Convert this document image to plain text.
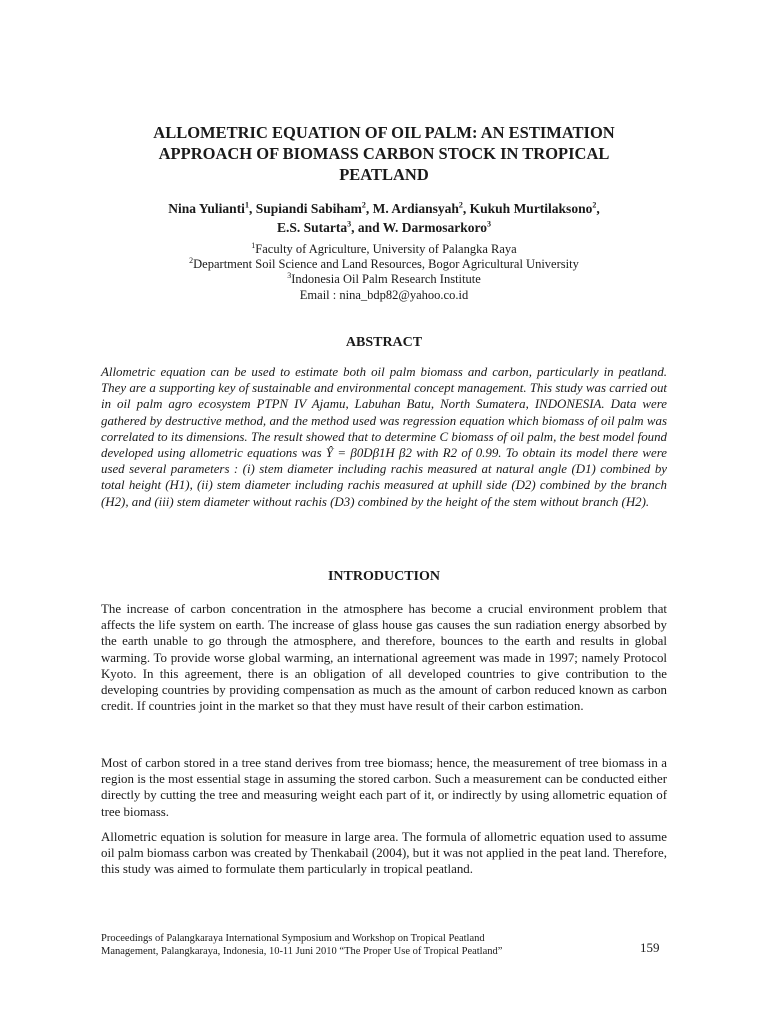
ALLOMETRIC EQUATION OF OIL PALM: AN ESTIMATION
APPROACH OF BIOMASS CARBON STOCK IN TROPICAL
PEATLAND
Nina Yulianti$^1$, Supiandi Sabiham$^2$, M. Ardiansyah$^2$, Kukuh Murtilaksono$^2$,
E.S. Sutarta$^3$, and W. Darmosarkoro$^3$
$^1$Faculty of Agriculture, University of Palangka Raya
$^2$Department Soil Science and Land Resources, Bogor Agricultural University
$^3$Indonesia Oil Palm Research Institute
Email : nina_bdp82@yahoo.co.id
ABSTRACT
Allometric equation can be used to estimate both oil palm biomass and carbon, particularly in peatland. They are a supporting key of sustainable and environmental concept management. This study was carried out in oil palm agro ecosystem PTPN IV Ajamu, Labuhan Batu, North Sumatera, INDONESIA. Data were gathered by destructive method, and the method used was regression equation which biomass of oil palm was correlated to its dimensions. The result showed that to determine C biomass of oil palm, the best model found developed using allometric equations was Ŷ = β0Dβ1H β2 with R2 of 0.99. To obtain its model there were used several parameters : (i) stem diameter including rachis measured at natural angle (D1) combined by total height (H1), (ii) stem diameter including rachis measured at uphill side (D2) combined by the branch (H2), and (iii) stem diameter without rachis (D3) combined by the height of the stem without branch (H2).
INTRODUCTION

The increase of carbon concentration in the atmosphere has become a crucial environment problem that affects the life system on earth. The increase of glass house gas causes the sun radiation energy absorbed by the earth unable to go through the atmosphere, and therefore, bounces to the earth and results in global warming. To provide worse global warming, an international agreement was made in 1997; namely Protocol Kyoto. In this agreement, there is an obligation of all developed countries to give contribution to the developing countries by providing compensation as much as the amount of carbon reduced known as carbon credit. If countries joint in the market so that they must have result of their carbon estimation.

Most of carbon stored in a tree stand derives from tree biomass; hence, the measurement of tree biomass in a region is the most essential stage in assuming the stored carbon. Such a measurement can be conducted either directly by cutting the tree and measuring weight each part of it, or indirectly by using allometric equation of tree biomass.

Allometric equation is solution for measure in large area. The formula of allometric equation used to assume oil palm biomass carbon was created by Thenkabail (2004), but it was not applied in the peat land. Therefore, this study was aimed to formulate them particularly in tropical peatland.

Proceedings of Palangkaraya International Symposium and Workshop on Tropical Peatland
Management, Palangkaraya, Indonesia, 10-11 Juni 2010 “The Proper Use of Tropical Peatland”	159
